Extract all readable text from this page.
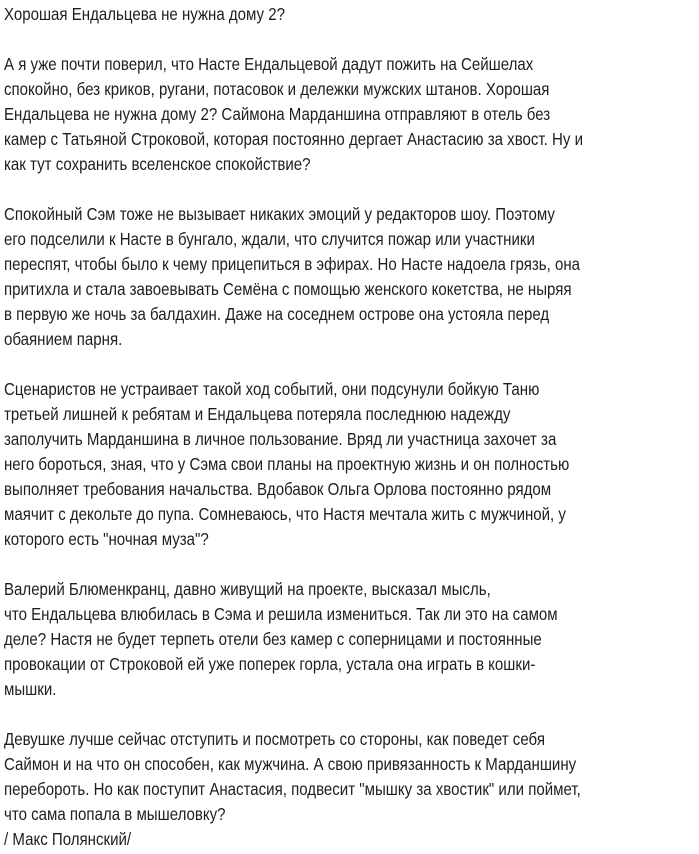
Хорошая Ендальцева не нужна дому 2?
А я уже почти поверил, что Насте Ендальцевой дадут пожить на Сейшелах
спокойно, без криков, ругани, потасовок и дележки мужских штанов. Хорошая
Ендальцева не нужна дому 2? Саймона Марданшина отправляют в отель без
камер с Татьяной Строковой, которая постоянно дергает Анастасию за хвост. Ну и
как тут сохранить вселенское спокойствие?
Спокойный Сэм тоже не вызывает никаких эмоций у редакторов шоу. Поэтому
его подселили к Насте в бунгало, ждали, что случится пожар или участники
переспят, чтобы было к чему прицепиться в эфирах. Но Насте надоела грязь, она
притихла и стала завоевывать Семёна с помощью женского кокетства, не ныряя
в первую же ночь за балдахин. Даже на соседнем острове она устояла перед
обаянием парня.
Сценаристов не устраивает такой ход событий, они подсунули бойкую Таню
третьей лишней к ребятам и Ендальцева потеряла последнюю надежду
заполучить Марданшина в личное пользование. Вряд ли участница захочет за
него бороться, зная, что у Сэма свои планы на проектную жизнь и он полностью
выполняет требования начальства. Вдобавок Ольга Орлова постоянно рядом
маячит с декольте до пупа. Сомневаюсь, что Настя мечтала жить с мужчиной, у
которого есть "ночная муза"?
Валерий Блюменкранц, давно живущий на проекте, высказал мысль,
что Ендальцева влюбилась в Сэма и решила измениться. Так ли это на самом
деле? Настя не будет терпеть отели без камер с соперницами и постоянные
провокации от Строковой ей уже поперек горла, устала она играть в кошки-
мышки.
Девушке лучше сейчас отступить и посмотреть со стороны, как поведет себя
Саймон и на что он способен, как мужчина. А свою привязанность к Марданшину
перебороть. Но как поступит Анастасия, подвесит "мышку за хвостик" или поймет,
что сама попала в мышеловку?
/ Макс Полянский/
